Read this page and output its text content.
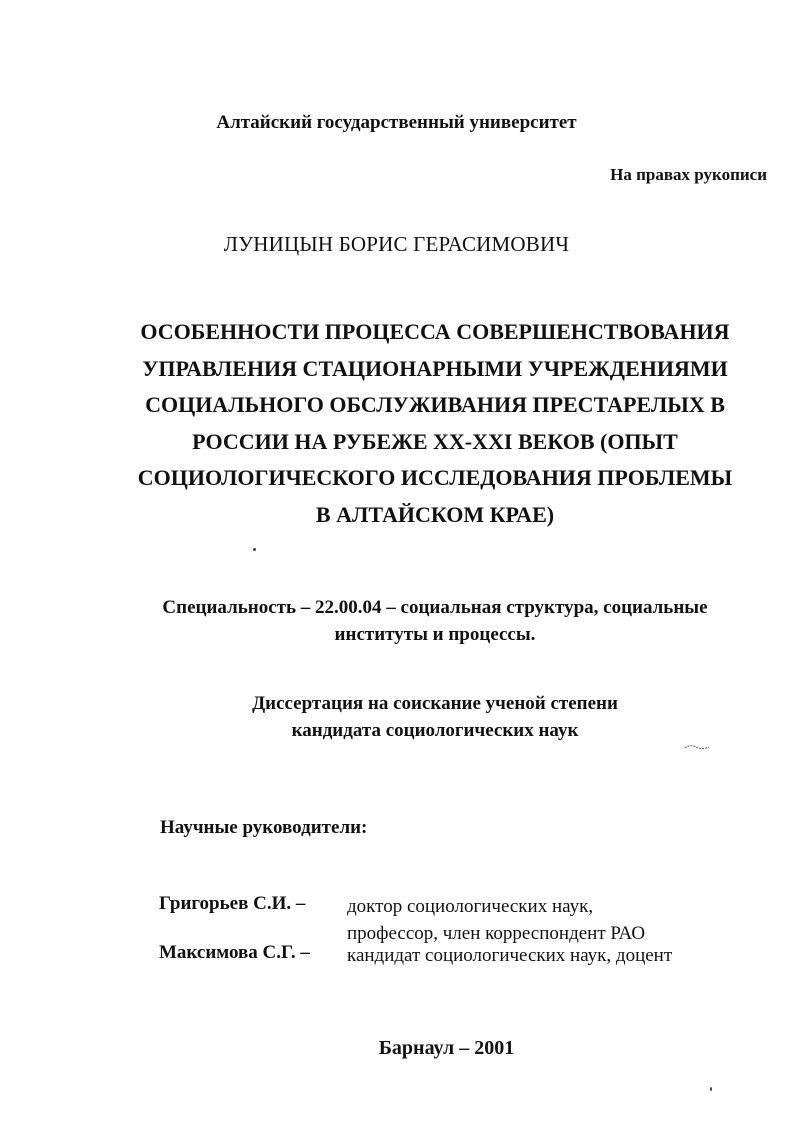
Алтайский государственный университет
На правах рукописи
ЛУНИЦЫН БОРИС ГЕРАСИМОВИЧ
ОСОБЕННОСТИ ПРОЦЕССА СОВЕРШЕНСТВОВАНИЯ
УПРАВЛЕНИЯ СТАЦИОНАРНЫМИ УЧРЕЖДЕНИЯМИ
СОЦИАЛЬНОГО ОБСЛУЖИВАНИЯ ПРЕСТАРЕЛЫХ В
РОССИИ НА РУБЕЖЕ XX-XXI ВЕКОВ (ОПЫТ
СОЦИОЛОГИЧЕСКОГО ИССЛЕДОВАНИЯ ПРОБЛЕМЫ
В АЛТАЙСКОМ КРАЕ)
Специальность – 22.00.04 – социальная структура, социальные
институты и процессы.
Диссертация на соискание ученой степени
кандидата социологических наук
Научные руководители:
Григорьев С.И. – доктор социологических наук,
профессор, член корреспондент РАО
Максимова С.Г. – кандидат социологических наук, доцент
Барнаул – 2001
